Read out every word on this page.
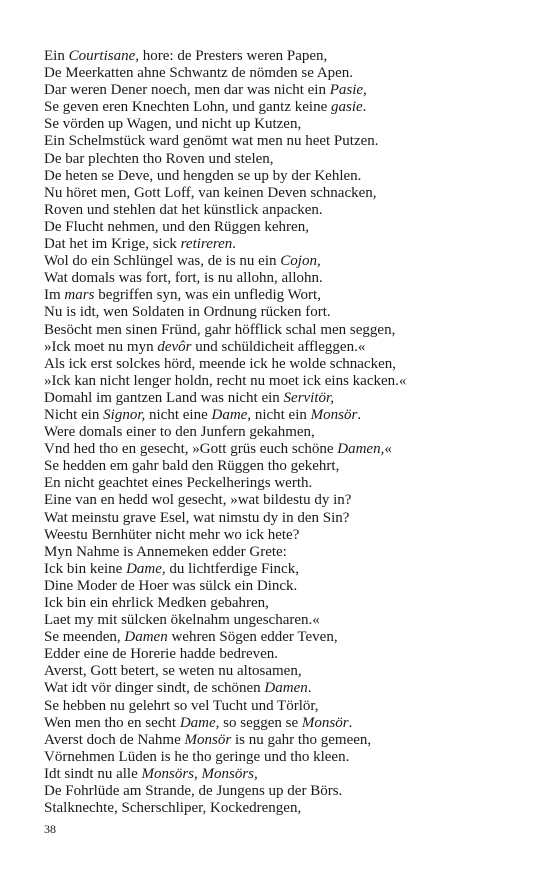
Ein Courtisane, hore: de Presters weren Papen,
De Meerkatten ahne Schwantz de nömden se Apen.
Dar weren Dener noech, men dar was nicht ein Pasie,
Se geven eren Knechten Lohn, und gantz keine gasie.
Se vörden up Wagen, und nicht up Kutzen,
Ein Schelmstück ward genömt wat men nu heet Putzen.
De bar plechten tho Roven und stelen,
De heten se Deve, und hengden se up by der Kehlen.
Nu höret men, Gott Loff, van keinen Deven schnacken,
Roven und stehlen dat het künstlick anpacken.
De Flucht nehmen, und den Rüggen kehren,
Dat het im Krige, sick retireren.
Wol do ein Schlüngel was, de is nu ein Cojon,
Wat domals was fort, fort, is nu allohn, allohn.
Im mars begriffen syn, was ein unfledig Wort,
Nu is idt, wen Soldaten in Ordnung rücken fort.
Besöcht men sinen Fründ, gahr höfflick schal men seggen,
»Ick moet nu myn devôr und schüldicheit affleggen.«
Als ick erst solckes hörd, meende ick he wolde schnacken,
»Ick kan nicht lenger holdn, recht nu moet ick eins kacken.«
Domahl im gantzen Land was nicht ein Servitör,
Nicht ein Signor, nicht eine Dame, nicht ein Monsör.
Were domals einer to den Junfern gekahmen,
Vnd hed tho en gesecht, »Gott grüs euch schöne Damen,«
Se hedden em gahr bald den Rüggen tho gekehrt,
En nicht geachtet eines Peckelherings werth.
Eine van en hedd wol gesecht, »wat bildestu dy in?
Wat meinstu grave Esel, wat nimstu dy in den Sin?
Weestu Bernhüter nicht mehr wo ick hete?
Myn Nahme is Annemeken edder Grete:
Ick bin keine Dame, du lichtferdige Finck,
Dine Moder de Hoer was sülck ein Dinck.
Ick bin ein ehrlick Medken gebahren,
Laet my mit sülcken ökelnahm ungescharen.«
Se meenden, Damen wehren Sögen edder Teven,
Edder eine de Horerie hadde bedreven.
Averst, Gott betert, se weten nu altosamen,
Wat idt vör dinger sindt, de schönen Damen.
Se hebben nu gelehrt so vel Tucht und Törlör,
Wen men tho en secht Dame, so seggen se Monsör.
Averst doch de Nahme Monsör is nu gahr tho gemeen,
Vörnehmen Lüden is he tho geringe und tho kleen.
Idt sindt nu alle Monsörs, Monsörs,
De Fohrlüde am Strande, de Jungens up der Börs.
Stalknechte, Scherschliper, Kockedrengen,
38
